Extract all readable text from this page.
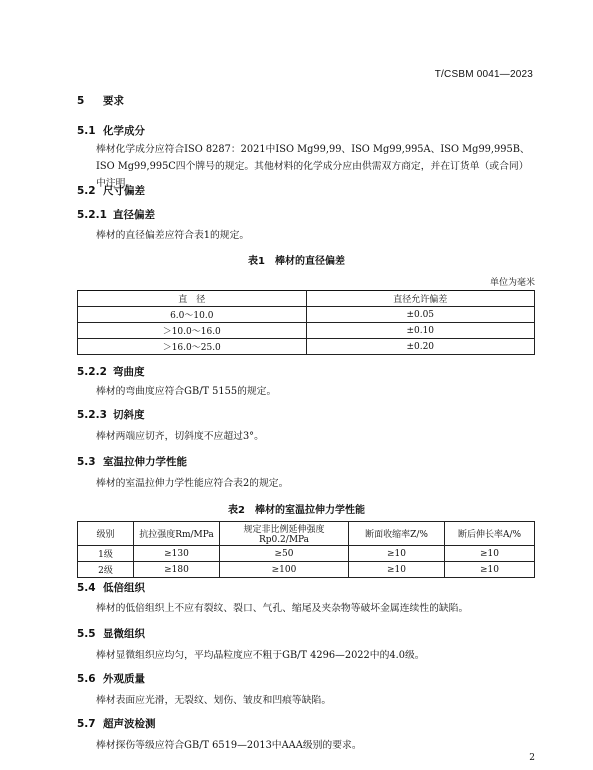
T/CSBM 0041—2023
5 要求
5.1 化学成分
棒材化学成分应符合ISO 8287：2021中ISO Mg99,99、ISO Mg99,995A、ISO Mg99,995B、ISO Mg99,995C四个牌号的规定。其他材料的化学成分应由供需双方商定，并在订货单（或合同）中注明。
5.2 尺寸偏差
5.2.1 直径偏差
棒材的直径偏差应符合表1的规定。
表1　棒材的直径偏差
单位为毫米
直　径	直径允许偏差
6.0～10.0	±0.05
＞10.0～16.0	±0.10
＞16.0～25.0	±0.20
5.2.2 弯曲度
棒材的弯曲度应符合GB/T 5155的规定。
5.2.3 切斜度
棒材两端应切齐，切斜度不应超过3°。
5.3 室温拉伸力学性能
棒材的室温拉伸力学性能应符合表2的规定。
表2　棒材的室温拉伸力学性能
级别	抗拉强度Rm/MPa	规定非比例延伸强度Rp0.2/MPa	断面收缩率Z/%	断后伸长率A/%
1级	≥130	≥50	≥10	≥10
2级	≥180	≥100	≥10	≥10
5.4 低倍组织
棒材的低倍组织上不应有裂纹、裂口、气孔、缩尾及夹杂物等破坏金属连续性的缺陷。
5.5 显微组织
棒材显微组织应均匀，平均晶粒度应不粗于GB/T 4296—2022中的4.0级。
5.6 外观质量
棒材表面应光滑，无裂纹、划伤、皱皮和凹痕等缺陷。
5.7 超声波检测
棒材探伤等级应符合GB/T 6519—2013中AAA级别的要求。
2
